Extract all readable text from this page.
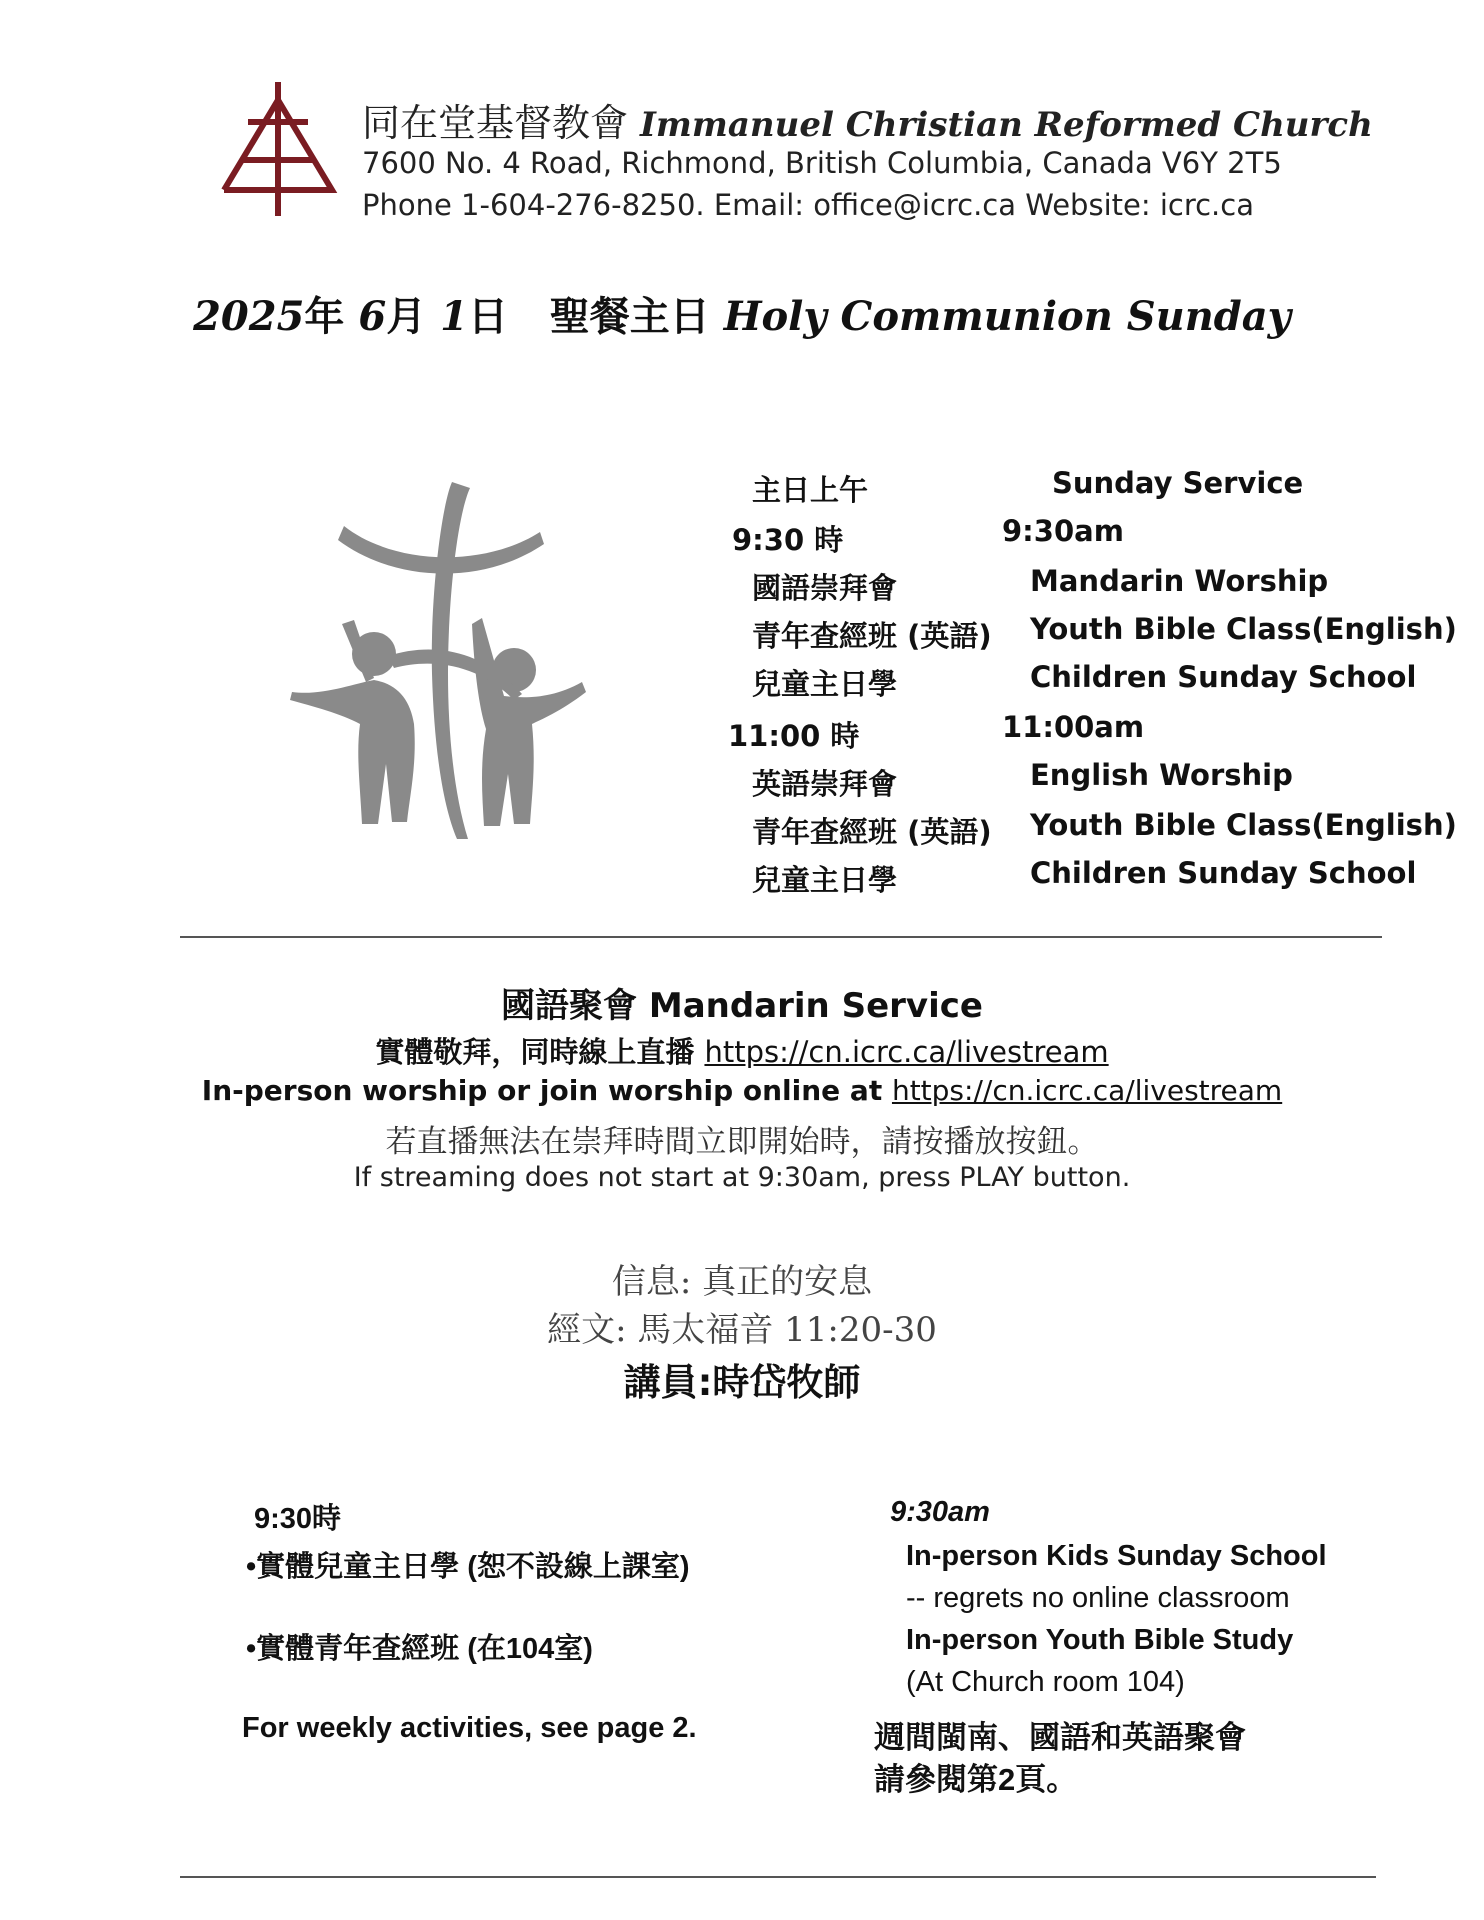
同在堂基督教會 Immanuel Christian Reformed Church
7600 No. 4 Road, Richmond, British Columbia, Canada V6Y 2T5
Phone 1-604-276-8250. Email: office@icrc.ca Website: icrc.ca
2025年 6月 1日 聖餐主日 Holy Communion Sunday
主日上午
9:30 時
國語崇拜會
青年查經班 (英語)
兒童主日學
11:00 時
英語崇拜會
青年查經班 (英語)
兒童主日學
Sunday Service
9:30am
Mandarin Worship
Youth Bible Class(English)
Children Sunday School
11:00am
English Worship
Youth Bible Class(English)
Children Sunday School
國語聚會 Mandarin Service
實體敬拜，同時線上直播 https://cn.icrc.ca/livestream
In-person worship or join worship online at https://cn.icrc.ca/livestream
若直播無法在崇拜時間立即開始時，請按播放按鈕。
If streaming does not start at 9:30am, press PLAY button.
信息: 真正的安息
經文: 馬太福音 11:20-30
講員:時岱牧師
9:30時
•實體兒童主日學 (恕不設線上課室)
•實體青年查經班 (在104室)
For weekly activities, see page 2.
9:30am
In-person Kids Sunday School
-- regrets no online classroom
In-person Youth Bible Study
(At Church room 104)
週間閩南、國語和英語聚會
請參閱第2頁。
